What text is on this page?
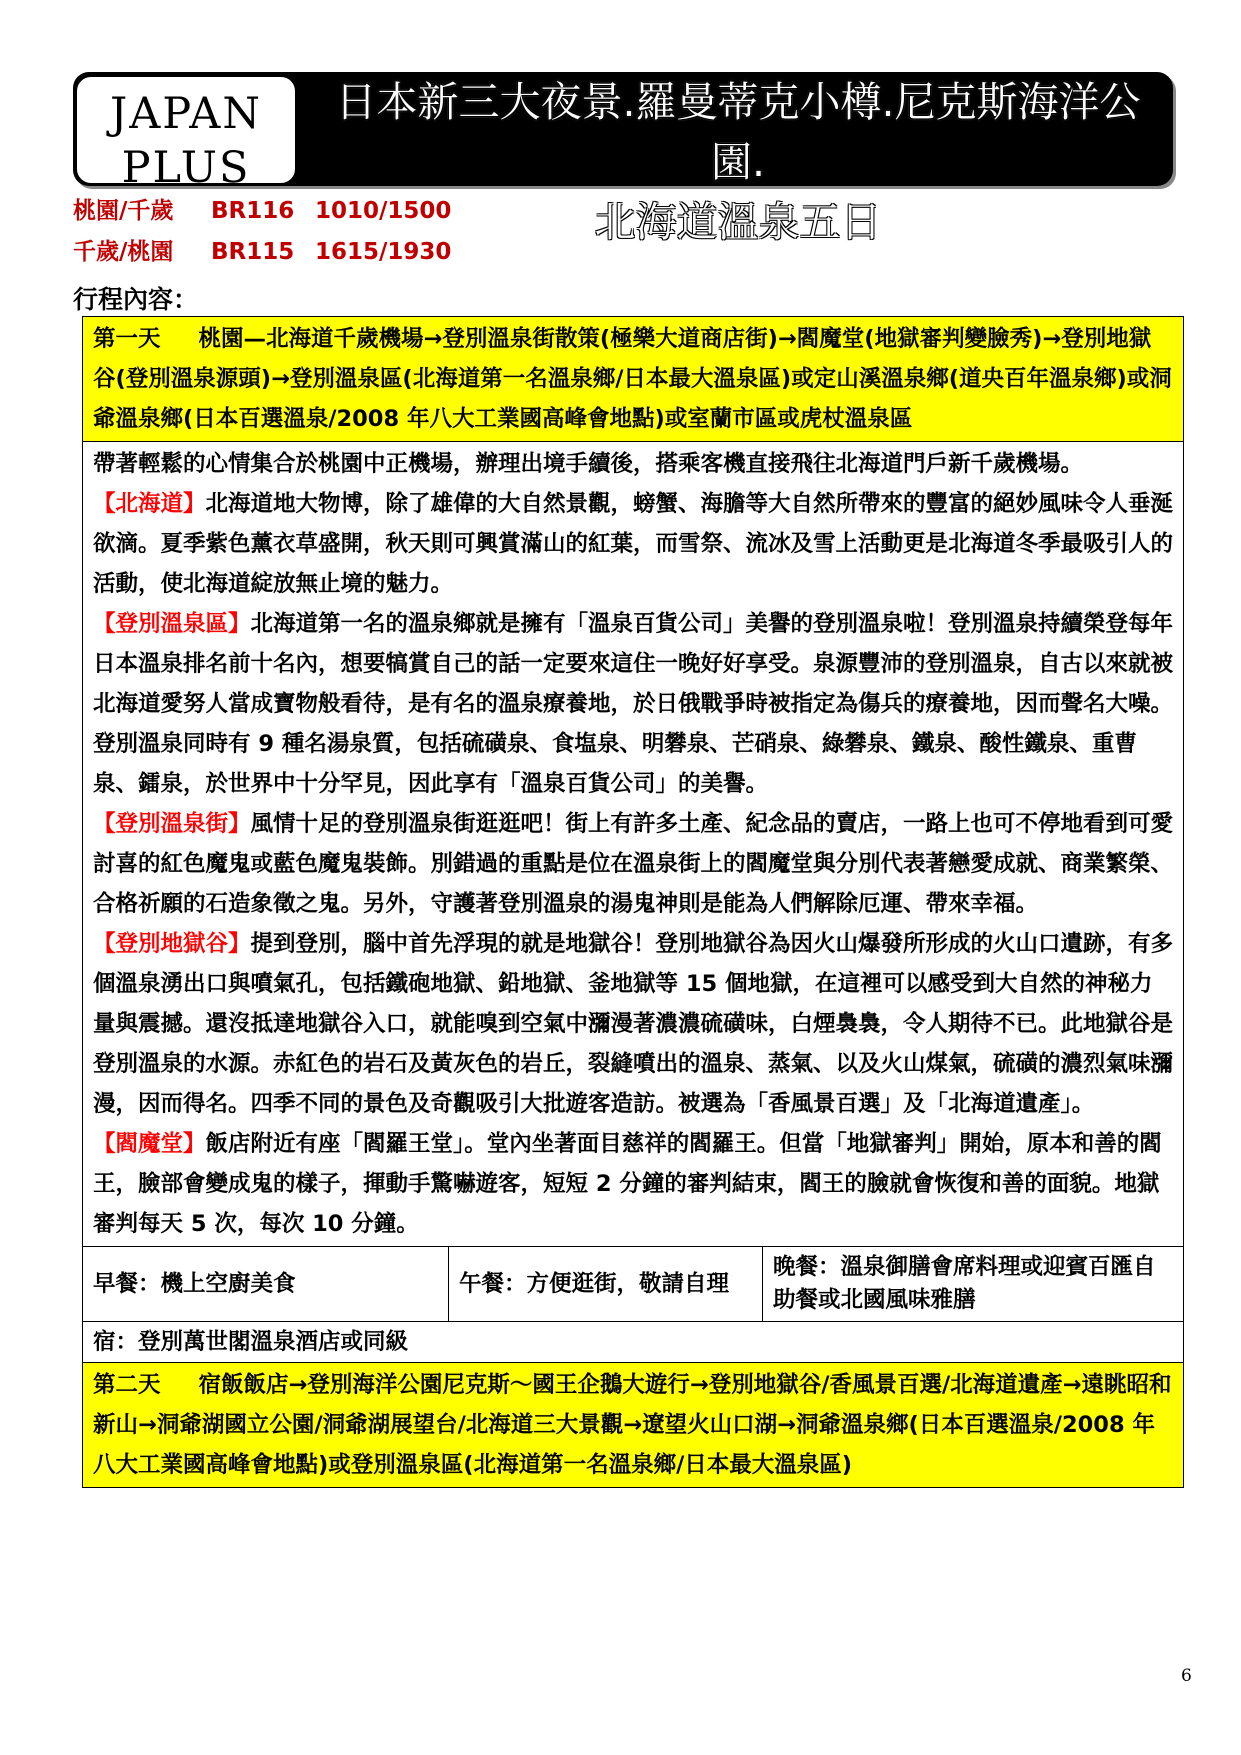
JAPAN
PLUS
日本新三大夜景.羅曼蒂克小樽.尼克斯海洋公園.
北海道溫泉五日
桃園/千歲 BR116 1010/1500
千歲/桃園 BR115 1615/1930
行程內容：
第一天 桃園—北海道千歲機場→登別溫泉街散策(極樂大道商店街)→閻魔堂(地獄審判變臉秀)→登別地獄谷(登別溫泉源頭)→登別溫泉區(北海道第一名溫泉鄉/日本最大溫泉區)或定山溪溫泉鄉(道央百年溫泉鄉)或洞爺溫泉鄉(日本百選溫泉/2008 年八大工業國高峰會地點)或室蘭市區或虎杖溫泉區

帶著輕鬆的心情集合於桃園中正機場，辦理出境手續後，搭乘客機直接飛往北海道門戶新千歲機場。

【北海道】北海道地大物博，除了雄偉的大自然景觀，螃蟹、海膽等大自然所帶來的豐富的絕妙風味令人垂涎欲滴。夏季紫色薰衣草盛開，秋天則可興賞滿山的紅葉，而雪祭、流冰及雪上活動更是北海道冬季最吸引人的活動，使北海道綻放無止境的魅力。

【登別溫泉區】北海道第一名的溫泉鄉就是擁有「溫泉百貨公司」美譽的登別溫泉啦！登別溫泉持續榮登每年日本溫泉排名前十名內，想要犒賞自己的話一定要來這住一晚好好享受。泉源豐沛的登別溫泉，自古以來就被北海道愛努人當成寶物般看待，是有名的溫泉療養地，於日俄戰爭時被指定為傷兵的療養地，因而聲名大噪。登別溫泉同時有 9 種名湯泉質，包括硫磺泉、食塩泉、明礬泉、芒硝泉、綠礬泉、鐵泉、酸性鐵泉、重曹泉、鐳泉，於世界中十分罕見，因此享有「溫泉百貨公司」的美譽。

【登別溫泉街】風情十足的登別溫泉街逛逛吧！街上有許多土產、紀念品的賣店，一路上也可不停地看到可愛討喜的紅色魔鬼或藍色魔鬼裝飾。別錯過的重點是位在溫泉街上的閻魔堂與分別代表著戀愛成就、商業繁榮、合格祈願的石造象徵之鬼。另外，守護著登別溫泉的湯鬼神則是能為人們解除厄運、帶來幸福。

【登別地獄谷】提到登別，腦中首先浮現的就是地獄谷！登別地獄谷為因火山爆發所形成的火山口遺跡，有多個溫泉湧出口與噴氣孔，包括鐵砲地獄、鉛地獄、釜地獄等 15 個地獄，在這裡可以感受到大自然的神秘力量與震撼。還沒抵達地獄谷入口，就能嗅到空氣中瀰漫著濃濃硫磺味，白煙裊裊，令人期待不已。此地獄谷是登別溫泉的水源。赤紅色的岩石及黃灰色的岩丘，裂縫噴出的溫泉、蒸氣、以及火山煤氣，硫磺的濃烈氣味瀰漫，因而得名。四季不同的景色及奇觀吸引大批遊客造訪。被選為「香風景百選」及「北海道遺產」。

【閻魔堂】飯店附近有座「閻羅王堂」。堂內坐著面目慈祥的閻羅王。但當「地獄審判」開始，原本和善的閻王，臉部會變成鬼的樣子，揮動手驚嚇遊客，短短 2 分鐘的審判結束，閻王的臉就會恢復和善的面貌。地獄審判每天 5 次，每次 10 分鐘。

早餐：機上空廚美食	午餐：方便逛街，敬請自理	晚餐：溫泉御膳會席料理或迎賓百匯自助餐或北國風味雅膳
宿：登別萬世閣溫泉酒店或同級
第二天 宿飯飯店→登別海洋公園尼克斯～國王企鵝大遊行→登別地獄谷/香風景百選/北海道遺產→遠眺昭和新山→洞爺湖國立公園/洞爺湖展望台/北海道三大景觀→遼望火山口湖→洞爺溫泉鄉(日本百選溫泉/2008 年八大工業國高峰會地點)或登別溫泉區(北海道第一名溫泉鄉/日本最大溫泉區)
6
